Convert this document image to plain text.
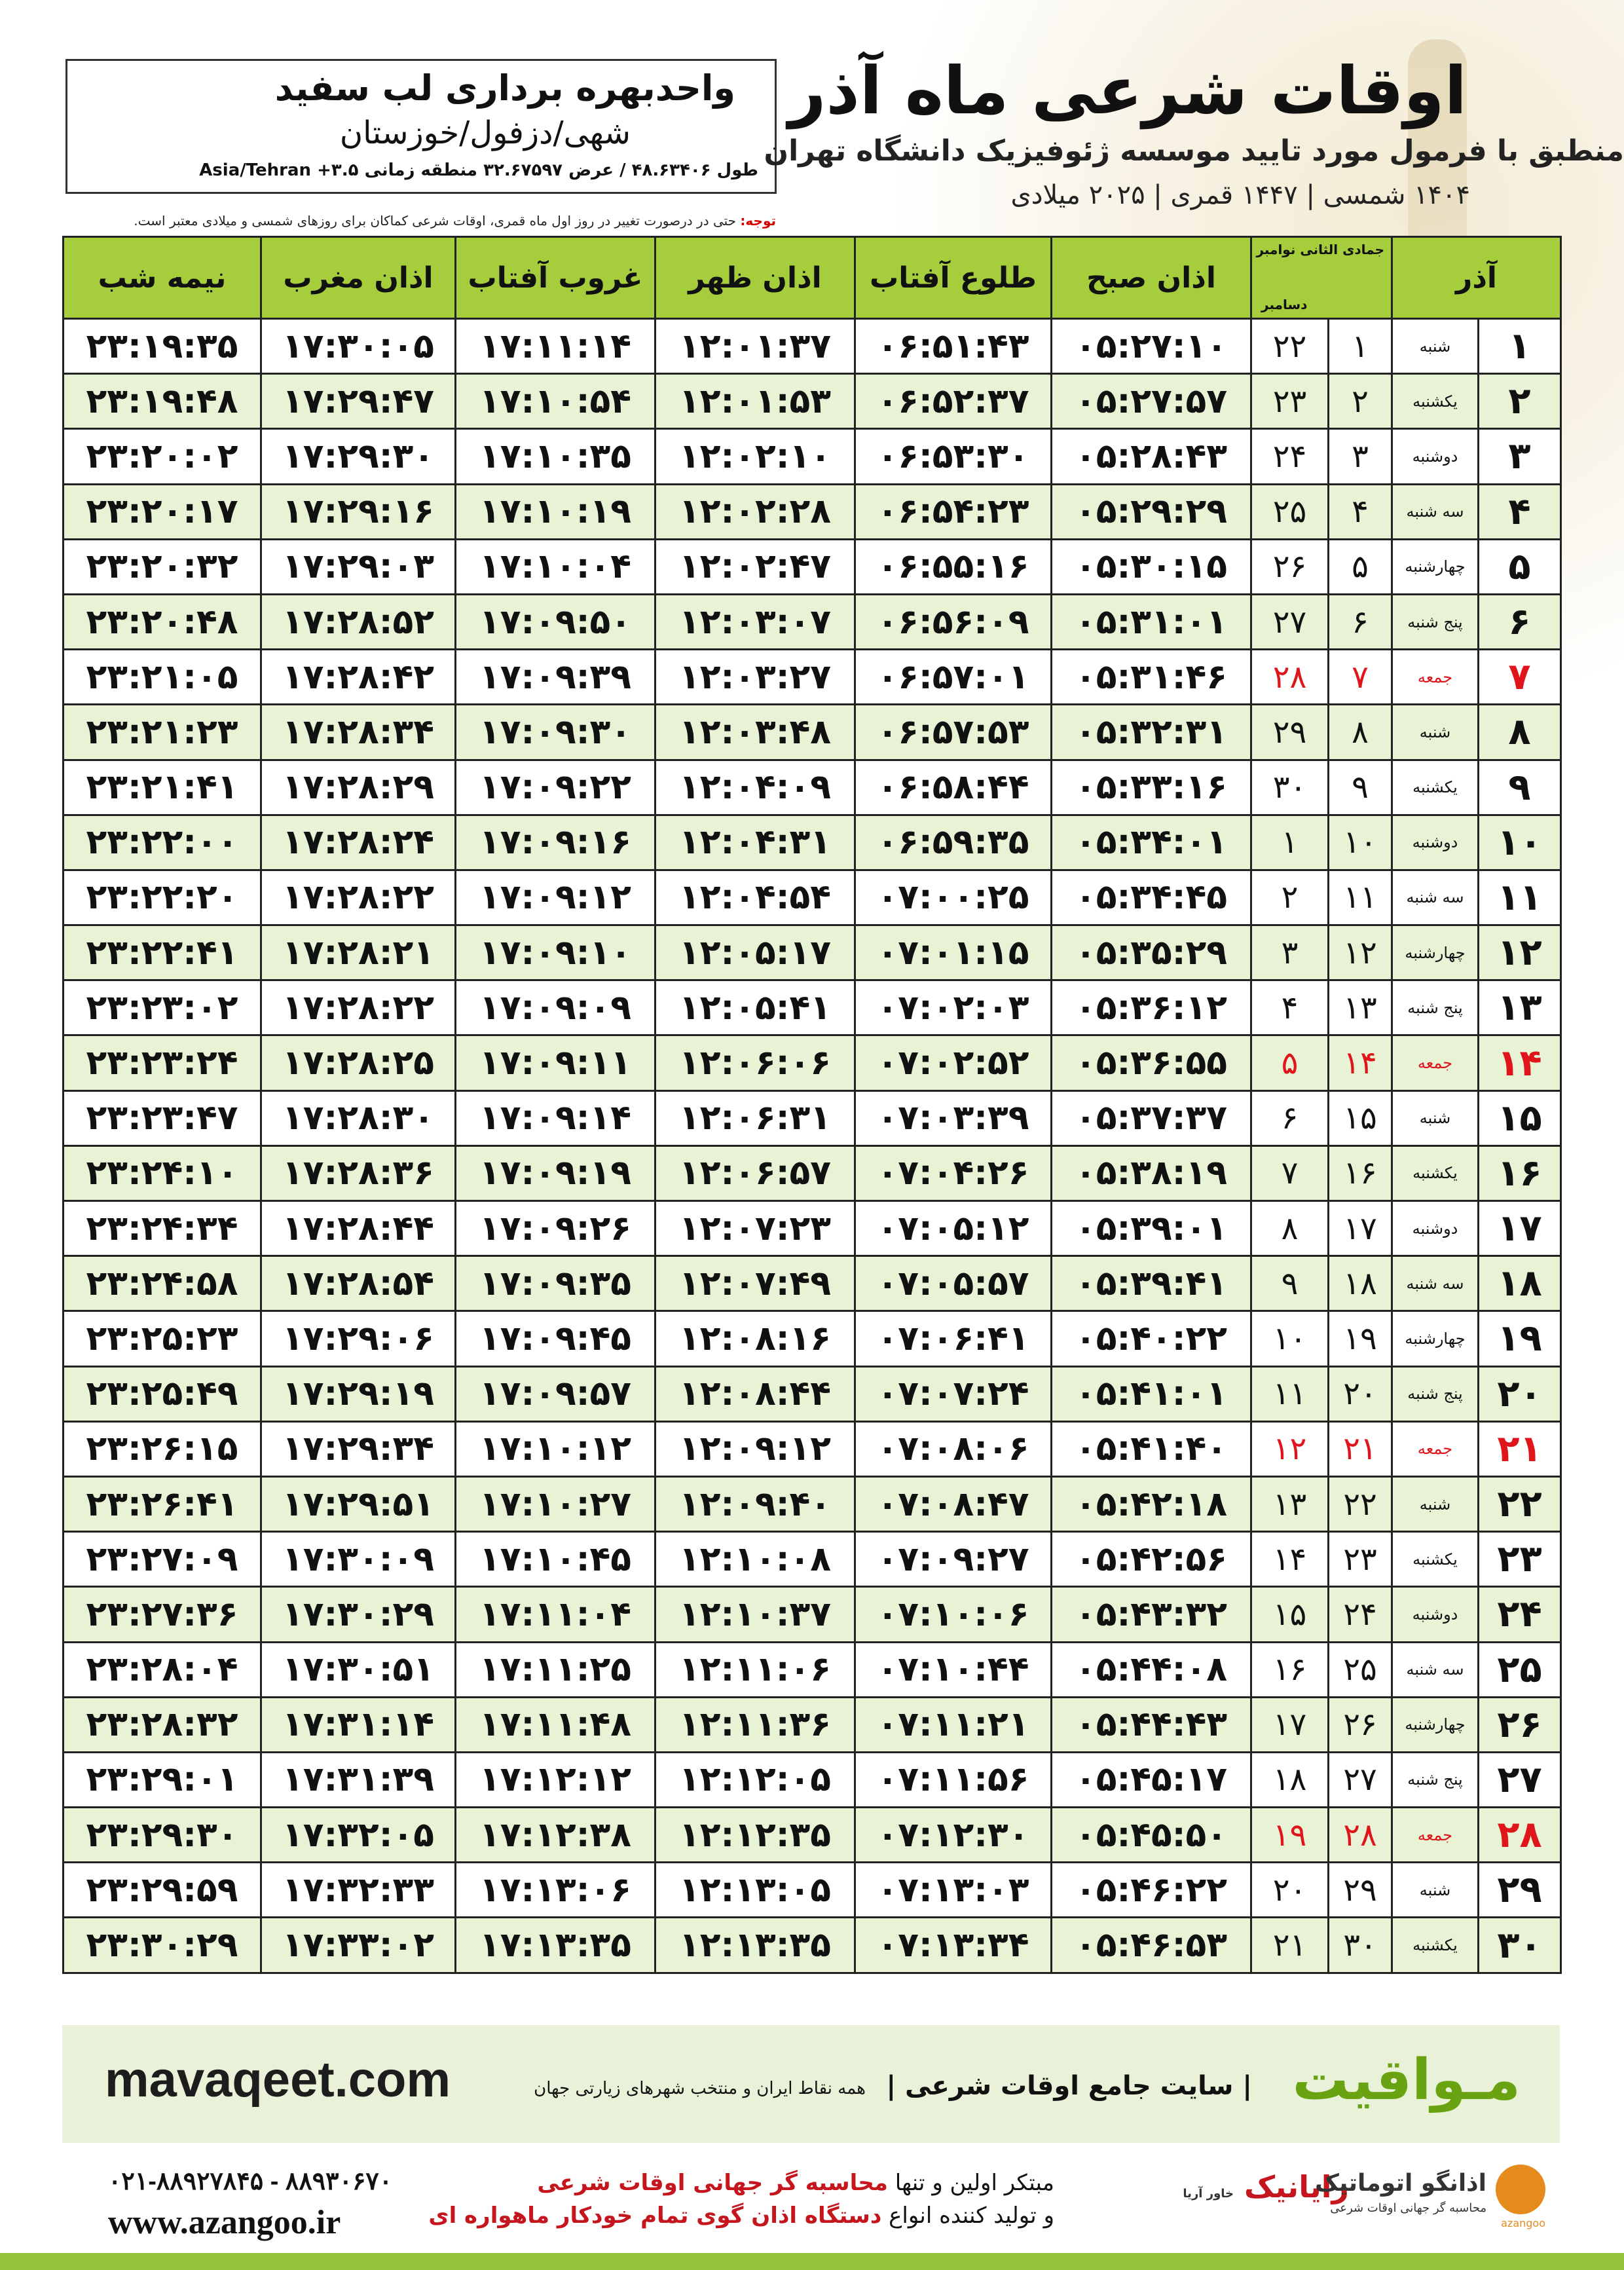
واحدبهره برداری لب سفید
شهی/دزفول/خوزستان
طول ۴۸.۶۳۴۰۶ / عرض ۳۲.۶۷۵۹۷ منطقه زمانی ۳.۵+ Asia/Tehran
اوقات شرعی ماه آذر
منطبق با فرمول مورد تایید موسسه ژئوفیزیک دانشگاه تهران
۱۴۰۴ شمسی | ۱۴۴۷ قمری | ۲۰۲۵ میلادی
توجه: حتی در درصورت تغییر در روز اول ماه قمری، اوقات شرعی کماکان برای روزهای شمسی و میلادی معتبر است.
آذر		جمادی الثانی نوامبر
دسامبر		اذان صبح	طلوع آفتاب	اذان ظهر	غروب آفتاب	اذان مغرب	نیمه شب
۱	شنبه	۱	۲۲	۰۵:۲۷:۱۰	۰۶:۵۱:۴۳	۱۲:۰۱:۳۷	۱۷:۱۱:۱۴	۱۷:۳۰:۰۵	۲۳:۱۹:۳۵
۲	یکشنبه	۲	۲۳	۰۵:۲۷:۵۷	۰۶:۵۲:۳۷	۱۲:۰۱:۵۳	۱۷:۱۰:۵۴	۱۷:۲۹:۴۷	۲۳:۱۹:۴۸
۳	دوشنبه	۳	۲۴	۰۵:۲۸:۴۳	۰۶:۵۳:۳۰	۱۲:۰۲:۱۰	۱۷:۱۰:۳۵	۱۷:۲۹:۳۰	۲۳:۲۰:۰۲
۴	سه شنبه	۴	۲۵	۰۵:۲۹:۲۹	۰۶:۵۴:۲۳	۱۲:۰۲:۲۸	۱۷:۱۰:۱۹	۱۷:۲۹:۱۶	۲۳:۲۰:۱۷
۵	چهارشنبه	۵	۲۶	۰۵:۳۰:۱۵	۰۶:۵۵:۱۶	۱۲:۰۲:۴۷	۱۷:۱۰:۰۴	۱۷:۲۹:۰۳	۲۳:۲۰:۳۲
۶	پنج شنبه	۶	۲۷	۰۵:۳۱:۰۱	۰۶:۵۶:۰۹	۱۲:۰۳:۰۷	۱۷:۰۹:۵۰	۱۷:۲۸:۵۲	۲۳:۲۰:۴۸
۷	جمعه	۷	۲۸	۰۵:۳۱:۴۶	۰۶:۵۷:۰۱	۱۲:۰۳:۲۷	۱۷:۰۹:۳۹	۱۷:۲۸:۴۲	۲۳:۲۱:۰۵
۸	شنبه	۸	۲۹	۰۵:۳۲:۳۱	۰۶:۵۷:۵۳	۱۲:۰۳:۴۸	۱۷:۰۹:۳۰	۱۷:۲۸:۳۴	۲۳:۲۱:۲۳
۹	یکشنبه	۹	۳۰	۰۵:۳۳:۱۶	۰۶:۵۸:۴۴	۱۲:۰۴:۰۹	۱۷:۰۹:۲۲	۱۷:۲۸:۲۹	۲۳:۲۱:۴۱
۱۰	دوشنبه	۱۰	۱	۰۵:۳۴:۰۱	۰۶:۵۹:۳۵	۱۲:۰۴:۳۱	۱۷:۰۹:۱۶	۱۷:۲۸:۲۴	۲۳:۲۲:۰۰
۱۱	سه شنبه	۱۱	۲	۰۵:۳۴:۴۵	۰۷:۰۰:۲۵	۱۲:۰۴:۵۴	۱۷:۰۹:۱۲	۱۷:۲۸:۲۲	۲۳:۲۲:۲۰
۱۲	چهارشنبه	۱۲	۳	۰۵:۳۵:۲۹	۰۷:۰۱:۱۵	۱۲:۰۵:۱۷	۱۷:۰۹:۱۰	۱۷:۲۸:۲۱	۲۳:۲۲:۴۱
۱۳	پنج شنبه	۱۳	۴	۰۵:۳۶:۱۲	۰۷:۰۲:۰۳	۱۲:۰۵:۴۱	۱۷:۰۹:۰۹	۱۷:۲۸:۲۲	۲۳:۲۳:۰۲
۱۴	جمعه	۱۴	۵	۰۵:۳۶:۵۵	۰۷:۰۲:۵۲	۱۲:۰۶:۰۶	۱۷:۰۹:۱۱	۱۷:۲۸:۲۵	۲۳:۲۳:۲۴
۱۵	شنبه	۱۵	۶	۰۵:۳۷:۳۷	۰۷:۰۳:۳۹	۱۲:۰۶:۳۱	۱۷:۰۹:۱۴	۱۷:۲۸:۳۰	۲۳:۲۳:۴۷
۱۶	یکشنبه	۱۶	۷	۰۵:۳۸:۱۹	۰۷:۰۴:۲۶	۱۲:۰۶:۵۷	۱۷:۰۹:۱۹	۱۷:۲۸:۳۶	۲۳:۲۴:۱۰
۱۷	دوشنبه	۱۷	۸	۰۵:۳۹:۰۱	۰۷:۰۵:۱۲	۱۲:۰۷:۲۳	۱۷:۰۹:۲۶	۱۷:۲۸:۴۴	۲۳:۲۴:۳۴
۱۸	سه شنبه	۱۸	۹	۰۵:۳۹:۴۱	۰۷:۰۵:۵۷	۱۲:۰۷:۴۹	۱۷:۰۹:۳۵	۱۷:۲۸:۵۴	۲۳:۲۴:۵۸
۱۹	چهارشنبه	۱۹	۱۰	۰۵:۴۰:۲۲	۰۷:۰۶:۴۱	۱۲:۰۸:۱۶	۱۷:۰۹:۴۵	۱۷:۲۹:۰۶	۲۳:۲۵:۲۳
۲۰	پنج شنبه	۲۰	۱۱	۰۵:۴۱:۰۱	۰۷:۰۷:۲۴	۱۲:۰۸:۴۴	۱۷:۰۹:۵۷	۱۷:۲۹:۱۹	۲۳:۲۵:۴۹
۲۱	جمعه	۲۱	۱۲	۰۵:۴۱:۴۰	۰۷:۰۸:۰۶	۱۲:۰۹:۱۲	۱۷:۱۰:۱۲	۱۷:۲۹:۳۴	۲۳:۲۶:۱۵
۲۲	شنبه	۲۲	۱۳	۰۵:۴۲:۱۸	۰۷:۰۸:۴۷	۱۲:۰۹:۴۰	۱۷:۱۰:۲۷	۱۷:۲۹:۵۱	۲۳:۲۶:۴۱
۲۳	یکشنبه	۲۳	۱۴	۰۵:۴۲:۵۶	۰۷:۰۹:۲۷	۱۲:۱۰:۰۸	۱۷:۱۰:۴۵	۱۷:۳۰:۰۹	۲۳:۲۷:۰۹
۲۴	دوشنبه	۲۴	۱۵	۰۵:۴۳:۳۲	۰۷:۱۰:۰۶	۱۲:۱۰:۳۷	۱۷:۱۱:۰۴	۱۷:۳۰:۲۹	۲۳:۲۷:۳۶
۲۵	سه شنبه	۲۵	۱۶	۰۵:۴۴:۰۸	۰۷:۱۰:۴۴	۱۲:۱۱:۰۶	۱۷:۱۱:۲۵	۱۷:۳۰:۵۱	۲۳:۲۸:۰۴
۲۶	چهارشنبه	۲۶	۱۷	۰۵:۴۴:۴۳	۰۷:۱۱:۲۱	۱۲:۱۱:۳۶	۱۷:۱۱:۴۸	۱۷:۳۱:۱۴	۲۳:۲۸:۳۲
۲۷	پنج شنبه	۲۷	۱۸	۰۵:۴۵:۱۷	۰۷:۱۱:۵۶	۱۲:۱۲:۰۵	۱۷:۱۲:۱۲	۱۷:۳۱:۳۹	۲۳:۲۹:۰۱
۲۸	جمعه	۲۸	۱۹	۰۵:۴۵:۵۰	۰۷:۱۲:۳۰	۱۲:۱۲:۳۵	۱۷:۱۲:۳۸	۱۷:۳۲:۰۵	۲۳:۲۹:۳۰
۲۹	شنبه	۲۹	۲۰	۰۵:۴۶:۲۲	۰۷:۱۳:۰۳	۱۲:۱۳:۰۵	۱۷:۱۳:۰۶	۱۷:۳۲:۳۳	۲۳:۲۹:۵۹
۳۰	یکشنبه	۳۰	۲۱	۰۵:۴۶:۵۳	۰۷:۱۳:۳۴	۱۲:۱۳:۳۵	۱۷:۱۳:۳۵	۱۷:۳۳:۰۲	۲۳:۳۰:۲۹
مـواقیت
| سایت جامع اوقات شرعی |
همه نقاط ایران و منتخب شهرهای زیارتی جهان
mavaqeet.com
۰۲۱-۸۸۹۲۷۸۴۵ - ۸۸۹۳۰۶۷۰
www.azangoo.ir
مبتکر اولین و تنها محاسبه گر جهانی اوقات شرعی
و تولید کننده انواع دستگاه اذان گوی تمام خودکار ماهواره ای
رایانیک خاور آریا	اذانگو اتوماتیک
محاسبه گر جهانی اوقات شرعی
azangoo
